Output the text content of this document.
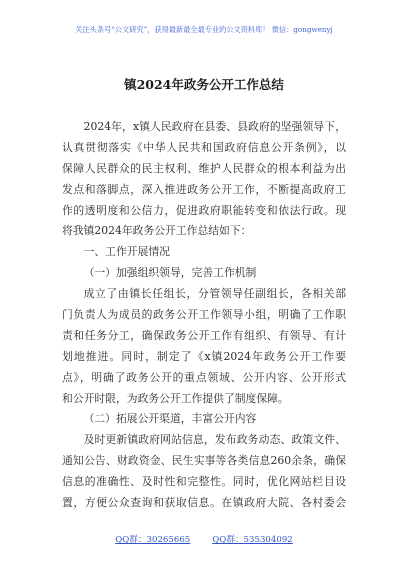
关注头条号“公文研究”，获得最新最全最专业的公文资料库！ 微信：gongwenyj
镇2024年政务公开工作总结
2024年，x镇人民政府在县委、县政府的坚强领导下，
认真贯彻落实《中华人民共和国政府信息公开条例》，以
保障人民群众的民主权利、维护人民群众的根本利益为出
发点和落脚点，深入推进政务公开工作，不断提高政府工
作的透明度和公信力，促进政府职能转变和依法行政。现
将我镇2024年政务公开工作总结如下：
一、工作开展情况
（一）加强组织领导，完善工作机制
成立了由镇长任组长，分管领导任副组长，各相关部
门负责人为成员的政务公开工作领导小组，明确了工作职
责和任务分工，确保政务公开工作有组织、有领导、有计
划地推进。同时，制定了《x镇2024年政务公开工作要
点》，明确了政务公开的重点领域、公开内容、公开形式
和公开时限，为政务公开工作提供了制度保障。
（二）拓展公开渠道，丰富公开内容
及时更新镇政府网站信息，发布政务动态、政策文件、
通知公告、财政资金、民生实事等各类信息260余条，确保
信息的准确性、及时性和完整性。同时，优化网站栏目设
置，方便公众查询和获取信息。在镇政府大院、各村委会
QQ群：30265665	QQ群：535304092
